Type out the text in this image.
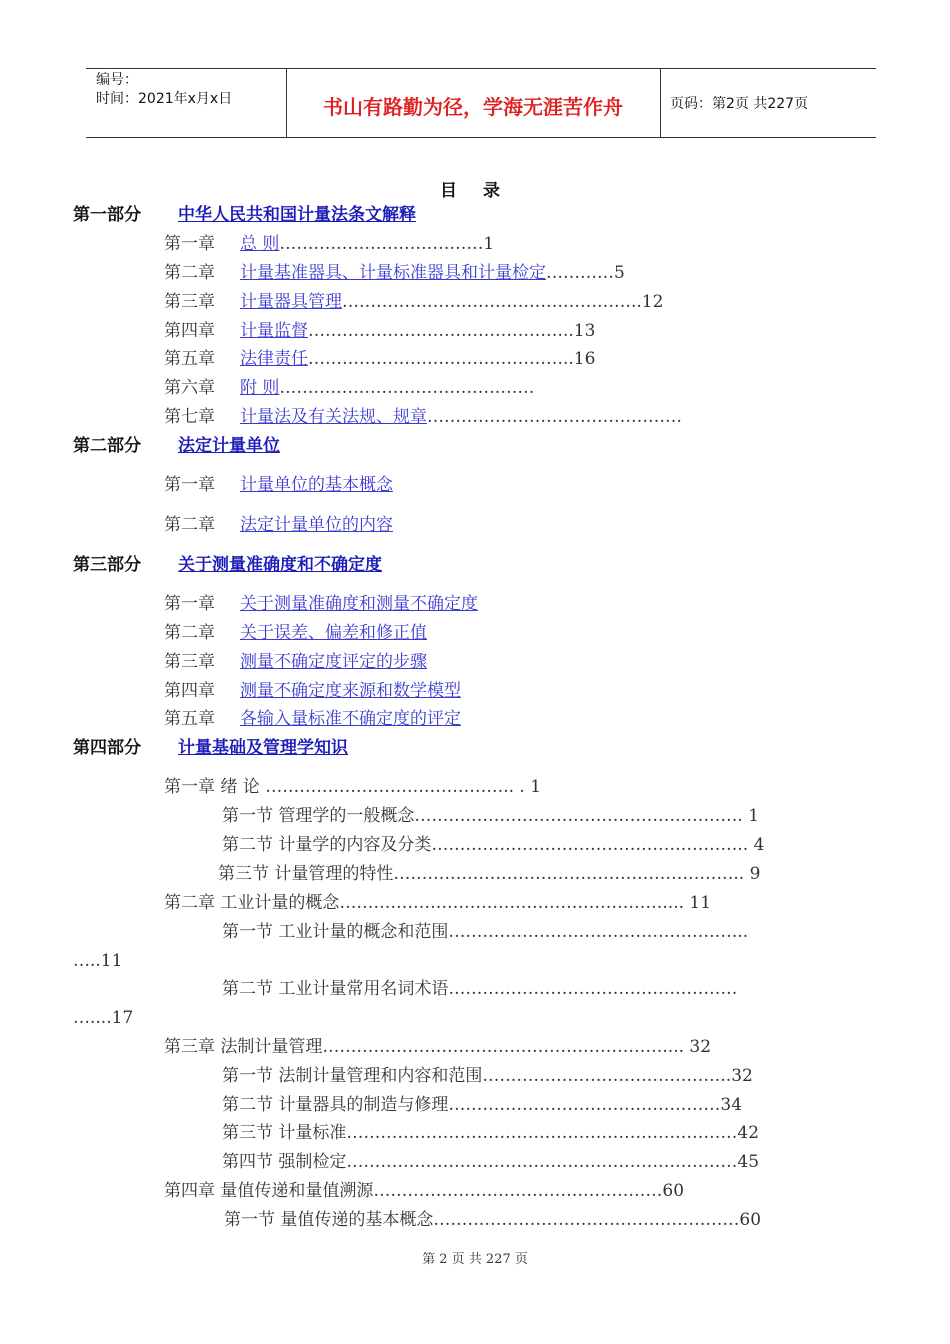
编号：
时间：2021年x月x日	书山有路勤为径，学海无涯苦作舟	页码：第2页 共227页
目 录
第一部分 中华人民共和国计量法条文解释
第一章 总 则………………………………1
第二章 计量基准器具、计量标准器具和计量检定…………5
第三章 计量器具管理……………………………………………..12
第四章 计量监督………………………………………..13
第五章 法律责任………………………………………..16
第六章 附 则………………………………………
第七章 计量法及有关法规、规章………………………………………
第二部分 法定计量单位
第一章 计量单位的基本概念
第二章 法定计量单位的内容
第三部分 关于测量准确度和不确定度
第一章 关于测量准确度和测量不确定度
第二章 关于误差、偏差和修正值
第三章 测量不确定度评定的步骤
第四章 测量不确定度来源和数学模型
第五章 各输入量标准不确定度的评定
第四部分 计量基础及管理学知识
第一章 绪 论 …………………………………….. . 1
第一节 管理学的一般概念…………………………………………………. 1
第二节 计量学的内容及分类……………………………………………….. 4
第三节 计量管理的特性…………………………………………………….. 9
第二章 工业计量的概念………………………………………………….... 11
第一节 工业计量的概念和范围……………………………………………..
…..11
第二节 工业计量常用名词术语……………………………………………
…....17
第三章 法制计量管理…………………………………………………….... 32
第一节 法制计量管理和内容和范围……………………………………..32
第二节 计量器具的制造与修理…………………………………………34
第三节 计量标准……………………………………………………………42
第四节 强制检定……………………………………………………………45
第四章 量值传递和量值溯源……………………………………………60
第一节 量值传递的基本概念………………………………………………60
第 2 页 共 227 页
